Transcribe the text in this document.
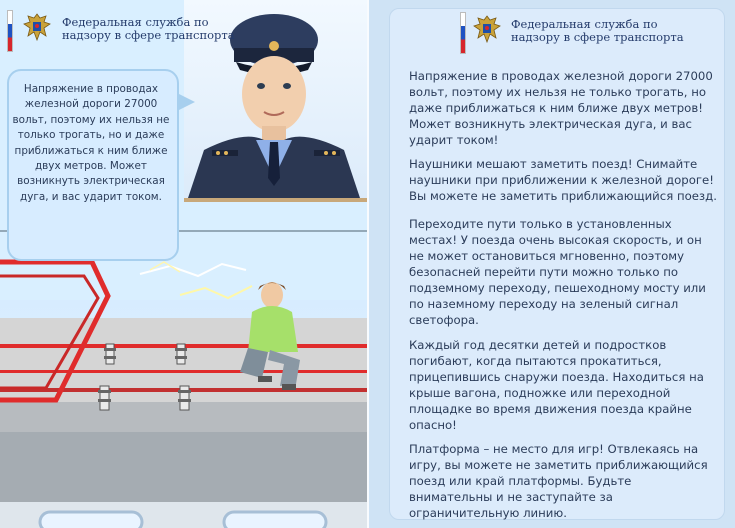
Федеральная служба по надзору в сфере транспорта
Напряжение в проводах железной дороги 27000 вольт, поэтому их нельзя не только трогать, но и даже приближаться к ним ближе двух метров. Может возникнуть электрическая дуга, и вас ударит током.
Федеральная служба по надзору в сфере транспорта
Напряжение в проводах железной дороги 27000 вольт, поэтому их нельзя не только трогать, но даже приближаться к ним ближе двух метров! Может возникнуть электрическая дуга, и вас ударит током!
Наушники мешают заметить поезд! Снимайте наушники при приближении к железной дороге! Вы можете не заметить приближающийся поезд.
Переходите пути только в установленных местах! У поезда очень высокая скорость, и он не может остановиться мгновенно, поэтому безопасней перейти пути можно только по подземному переходу, пешеходному мосту или по наземному переходу на зеленый сигнал светофора.
Каждый год десятки детей и подростков погибают, когда пытаются прокатиться, прицепившись снаружи поезда. Находиться на крыше вагона, подножке или переходной площадке во время движения поезда крайне опасно!
Платформа – не место для игр! Отвлекаясь на игру, вы можете не заметить приближающийся поезд или край платформы. Будьте внимательны и не заступайте за ограничительную линию.
